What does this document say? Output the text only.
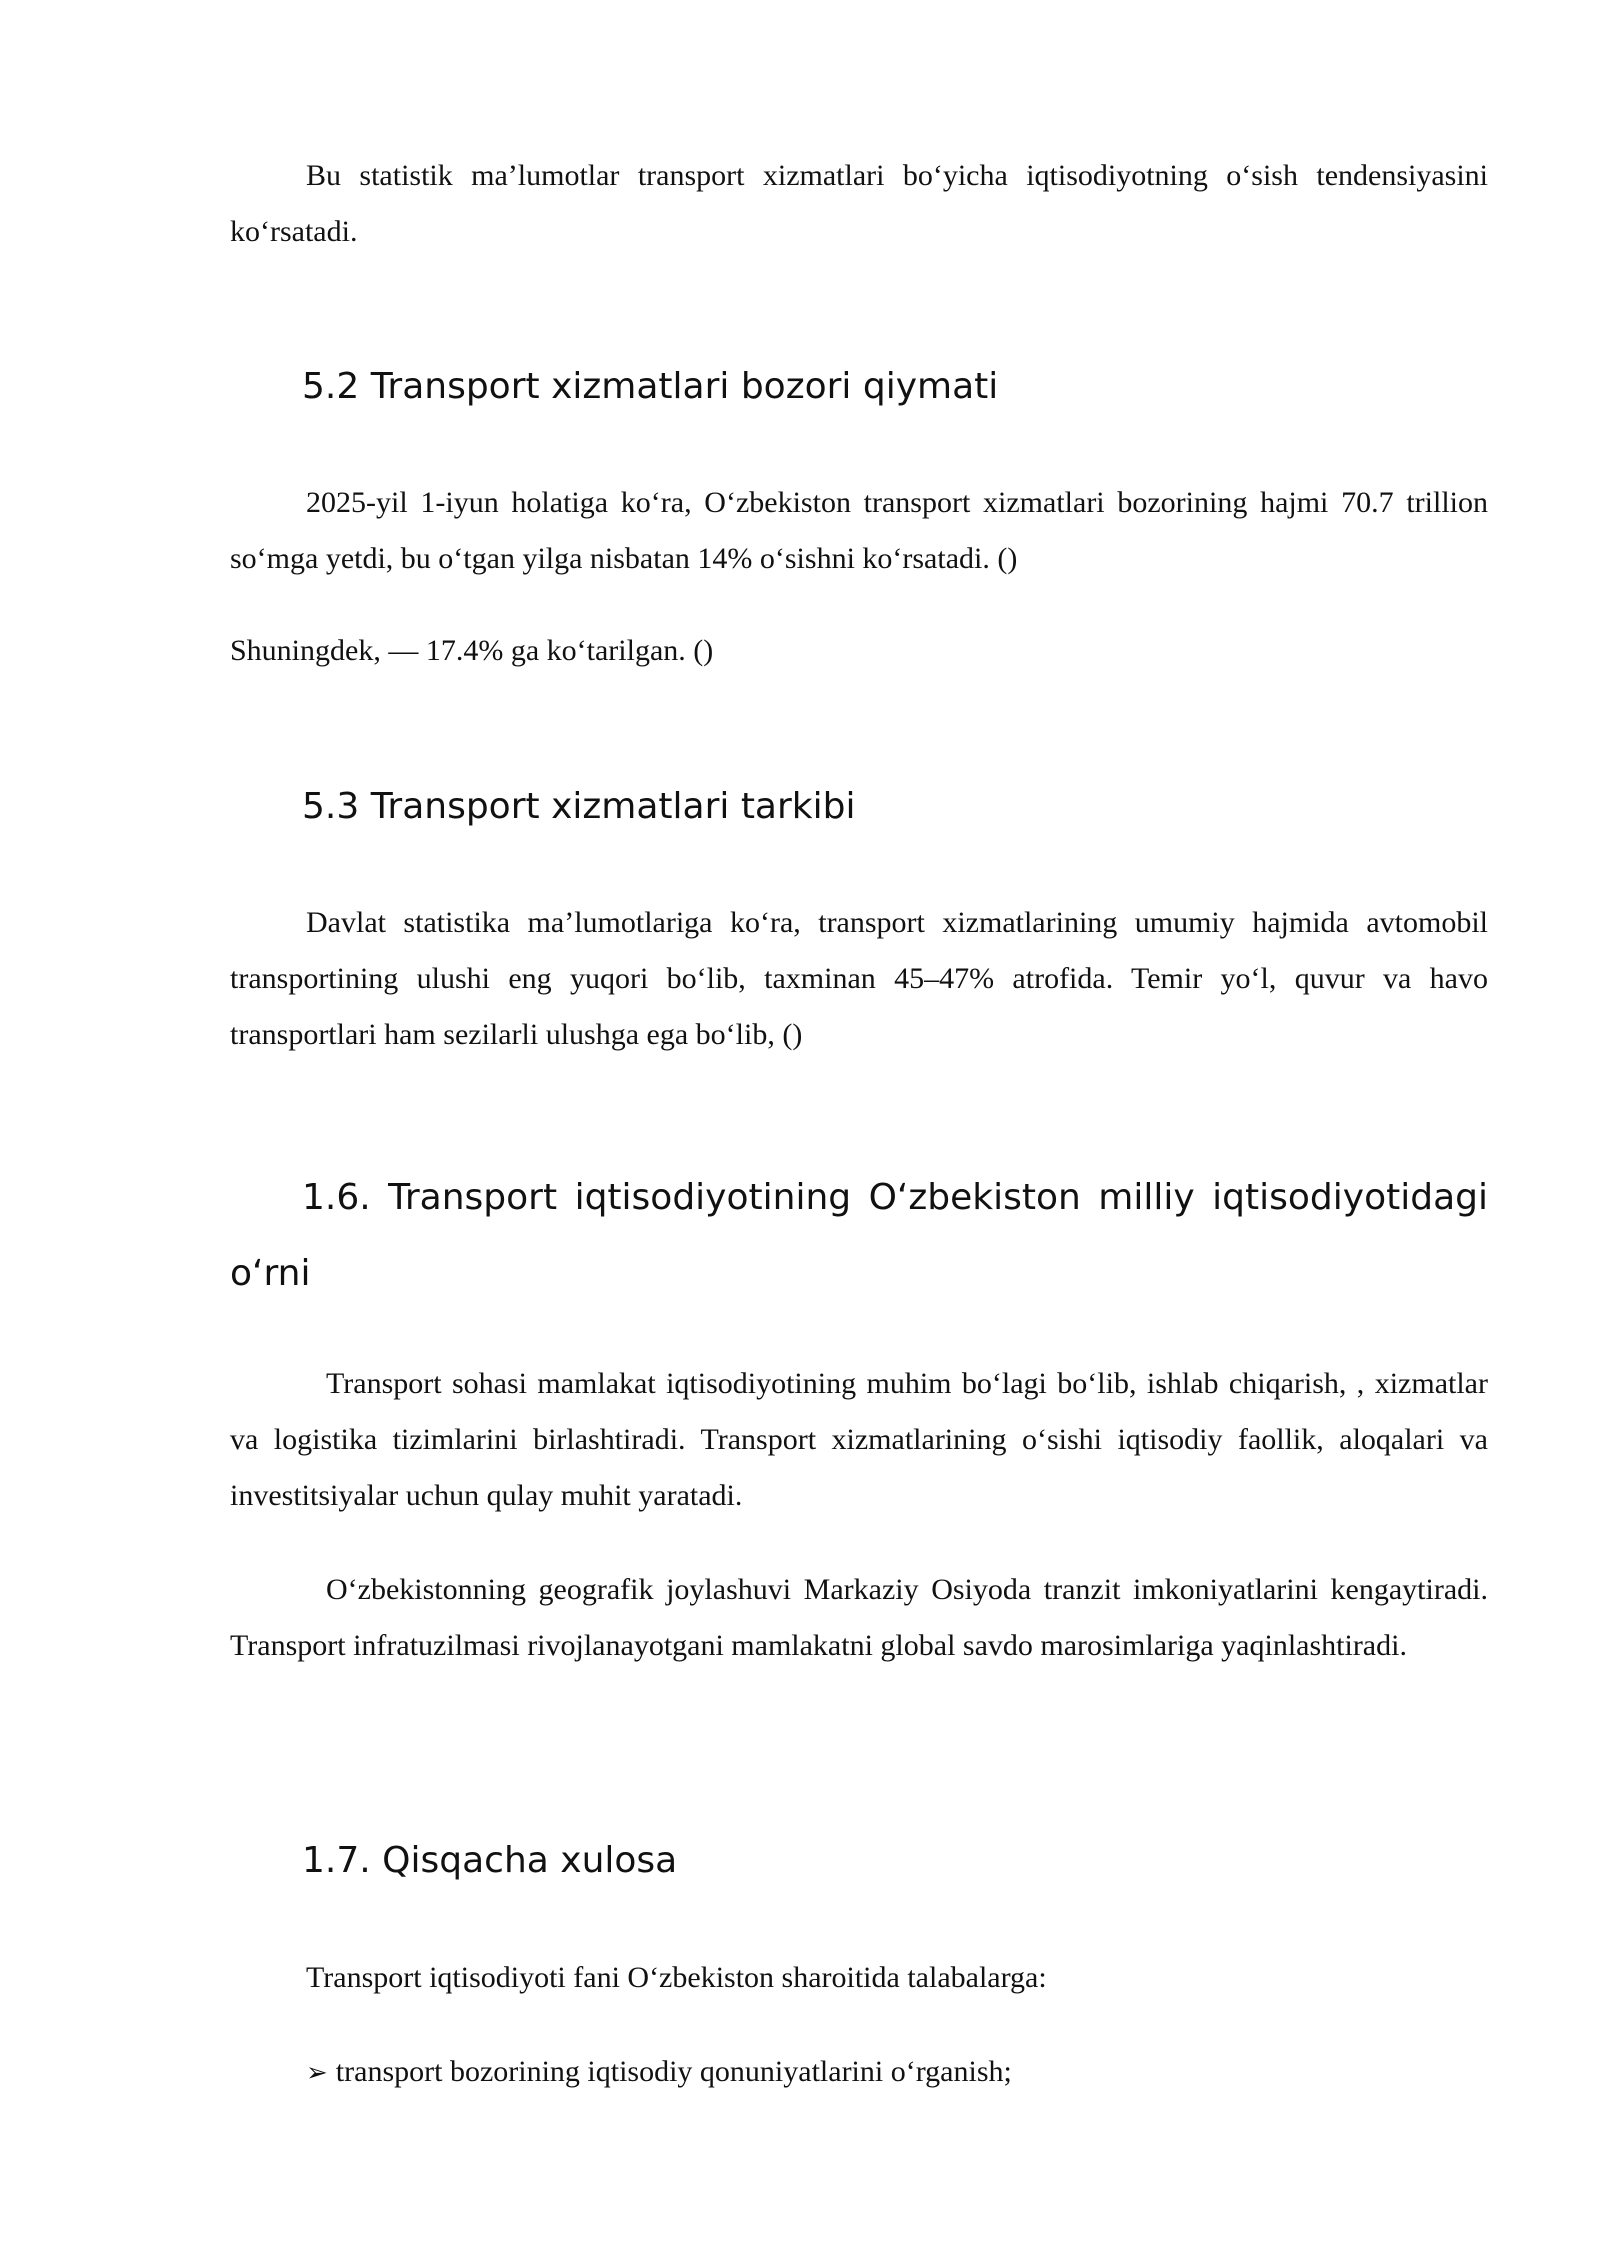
Bu statistik ma’lumotlar transport xizmatlari bo‘yicha iqtisodiyotning o‘sish tendensiyasini ko‘rsatadi.

5.2 Transport xizmatlari bozori qiymati

2025-yil 1-iyun holatiga ko‘ra, O‘zbekiston transport xizmatlari bozorining hajmi 70.7 trillion so‘mga yetdi, bu o‘tgan yilga nisbatan 14% o‘sishni ko‘rsatadi. ()

Shuningdek, — 17.4% ga ko‘tarilgan. ()

5.3 Transport xizmatlari tarkibi

Davlat statistika ma’lumotlariga ko‘ra, transport xizmatlarining umumiy hajmida avtomobil transportining ulushi eng yuqori bo‘lib, taxminan 45–47% atrofida. Temir yo‘l, quvur va havo transportlari ham sezilarli ulushga ega bo‘lib, ()

1.6. Transport iqtisodiyotining O‘zbekiston milliy iqtisodiyotidagi o‘rni

Transport sohasi mamlakat iqtisodiyotining muhim bo‘lagi bo‘lib, ishlab chiqarish, , xizmatlar va logistika tizimlarini birlashtiradi. Transport xizmatlarining o‘sishi iqtisodiy faollik, aloqalari va investitsiyalar uchun qulay muhit yaratadi.

O‘zbekistonning geografik joylashuvi Markaziy Osiyoda tranzit imkoniyatlarini kengaytiradi. Transport infratuzilmasi rivojlanayotgani mamlakatni global savdo marosimlariga yaqinlashtiradi.

1.7. Qisqacha xulosa

Transport iqtisodiyoti fani O‘zbekiston sharoitida talabalarga:

➢ transport bozorining iqtisodiy qonuniyatlarini o‘rganish;
